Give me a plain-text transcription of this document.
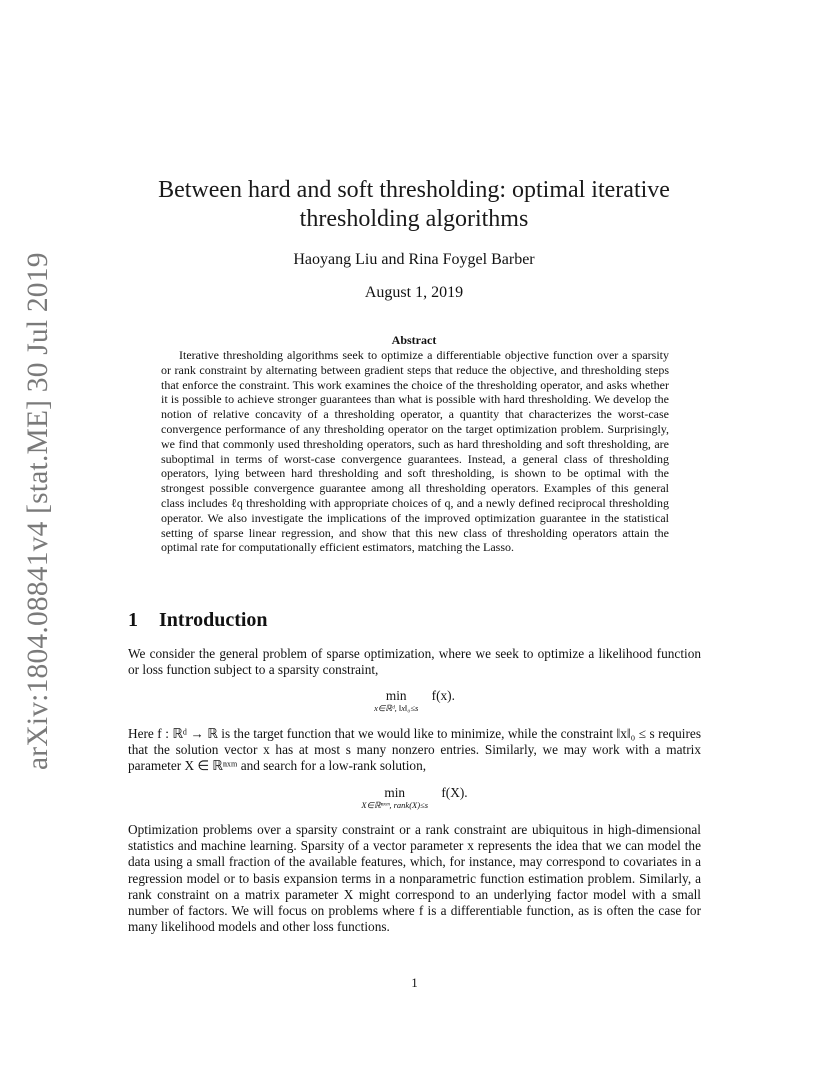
arXiv:1804.08841v4 [stat.ME] 30 Jul 2019
Between hard and soft thresholding: optimal iterative thresholding algorithms
Haoyang Liu and Rina Foygel Barber
August 1, 2019
Abstract

Iterative thresholding algorithms seek to optimize a differentiable objective function over a sparsity or rank constraint by alternating between gradient steps that reduce the objective, and thresholding steps that enforce the constraint. This work examines the choice of the thresholding operator, and asks whether it is possible to achieve stronger guarantees than what is possible with hard thresholding. We develop the notion of relative concavity of a thresholding operator, a quantity that characterizes the worst-case convergence performance of any thresholding operator on the target optimization problem. Surprisingly, we find that commonly used thresholding operators, such as hard thresholding and soft thresholding, are suboptimal in terms of worst-case convergence guarantees. Instead, a general class of thresholding operators, lying between hard thresholding and soft thresholding, is shown to be optimal with the strongest possible convergence guarantee among all thresholding operators. Examples of this general class includes ℓq thresholding with appropriate choices of q, and a newly defined reciprocal thresholding operator. We also investigate the implications of the improved optimization guarantee in the statistical setting of sparse linear regression, and show that this new class of thresholding operators attain the optimal rate for computationally efficient estimators, matching the Lasso.

1 Introduction

We consider the general problem of sparse optimization, where we seek to optimize a likelihood function or loss function subject to a sparsity constraint,

min
x∈ℝᵈ, ‖x‖₀≤s
f(x).

Here f : ℝᵈ → ℝ is the target function that we would like to minimize, while the constraint ‖x‖₀ ≤ s requires that the solution vector x has at most s many nonzero entries. Similarly, we may work with a matrix parameter X ∈ ℝⁿˣᵐ and search for a low-rank solution,

min
X∈ℝⁿˣᵐ, rank(X)≤s
f(X).

Optimization problems over a sparsity constraint or a rank constraint are ubiquitous in high-dimensional statistics and machine learning. Sparsity of a vector parameter x represents the idea that we can model the data using a small fraction of the available features, which, for instance, may correspond to covariates in a regression model or to basis expansion terms in a nonparametric function estimation problem. Similarly, a rank constraint on a matrix parameter X might correspond to an underlying factor model with a small number of factors. We will focus on problems where f is a differentiable function, as is often the case for many likelihood models and other loss functions.

1
